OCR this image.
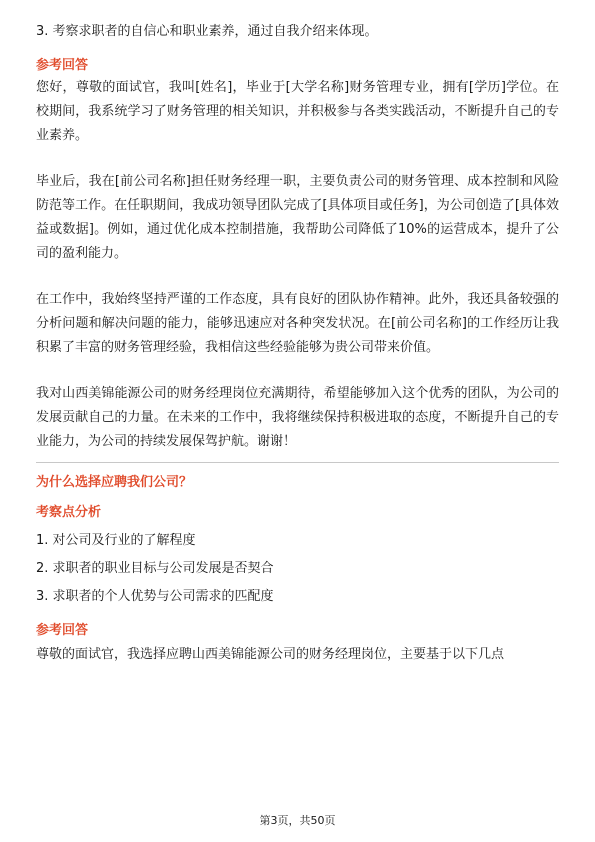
3. 考察求职者的自信心和职业素养，通过自我介绍来体现。

参考回答

您好，尊敬的面试官，我叫[姓名]，毕业于[大学名称]财务管理专业，拥有[学历]学位。在校期间，我系统学习了财务管理的相关知识，并积极参与各类实践活动，不断提升自己的专业素养。

毕业后，我在[前公司名称]担任财务经理一职，主要负责公司的财务管理、成本控制和风险防范等工作。在任职期间，我成功领导团队完成了[具体项目或任务]，为公司创造了[具体效益或数据]。例如，通过优化成本控制措施，我帮助公司降低了10%的运营成本，提升了公司的盈利能力。

在工作中，我始终坚持严谨的工作态度，具有良好的团队协作精神。此外，我还具备较强的分析问题和解决问题的能力，能够迅速应对各种突发状况。在[前公司名称]的工作经历让我积累了丰富的财务管理经验，我相信这些经验能够为贵公司带来价值。

我对山西美锦能源公司的财务经理岗位充满期待，希望能够加入这个优秀的团队，为公司的发展贡献自己的力量。在未来的工作中，我将继续保持积极进取的态度，不断提升自己的专业能力，为公司的持续发展保驾护航。谢谢！

为什么选择应聘我们公司？

考察点分析

1. 对公司及行业的了解程度

2. 求职者的职业目标与公司发展是否契合

3. 求职者的个人优势与公司需求的匹配度

参考回答

尊敬的面试官，我选择应聘山西美锦能源公司的财务经理岗位，主要基于以下几点

第3页，共50页
